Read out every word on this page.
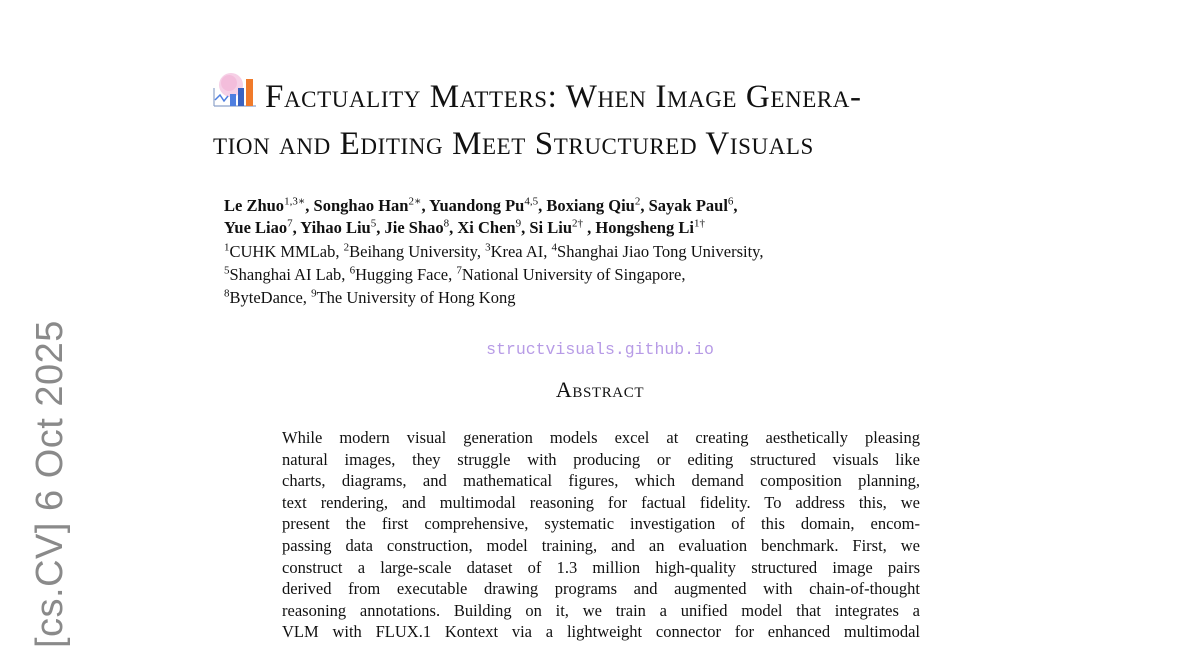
[cs.CV] 6 Oct 2025
Factuality Matters: When Image Genera-
tion and Editing Meet Structured Visuals
Le Zhuo$^{1,3∗}$, Songhao Han$^{2∗}$, Yuandong Pu$^{4,5}$, Boxiang Qiu$^2$, Sayak Paul$^6$,
Yue Liao$^7$, Yihao Liu$^5$, Jie Shao$^8$, Xi Chen$^9$, Si Liu$^{2\dagger}$ , Hongsheng $Li^{1\dagger}$
$^1$CUHK MMLab, $^2$Beihang University, $^3$Krea AI, $^4$Shanghai Jiao Tong University,
$^5$Shanghai AI Lab, $^6$Hugging Face, $^7$National University of Singapore,
$^8$ByteDance, $^9$The University of Hong Kong
structvisuals.github.io
Abstract
While modern visual generation models excel at creating aesthetically pleasing
natural images, they struggle with producing or editing structured visuals like
charts, diagrams, and mathematical figures, which demand composition planning,
text rendering, and multimodal reasoning for factual fidelity. To address this, we
present the first comprehensive, systematic investigation of this domain, encom-
passing data construction, model training, and an evaluation benchmark. First, we
construct a large-scale dataset of 1.3 million high-quality structured image pairs
derived from executable drawing programs and augmented with chain-of-thought
reasoning annotations. Building on it, we train a unified model that integrates a
VLM with FLUX.1 Kontext via a lightweight connector for enhanced multimodal
